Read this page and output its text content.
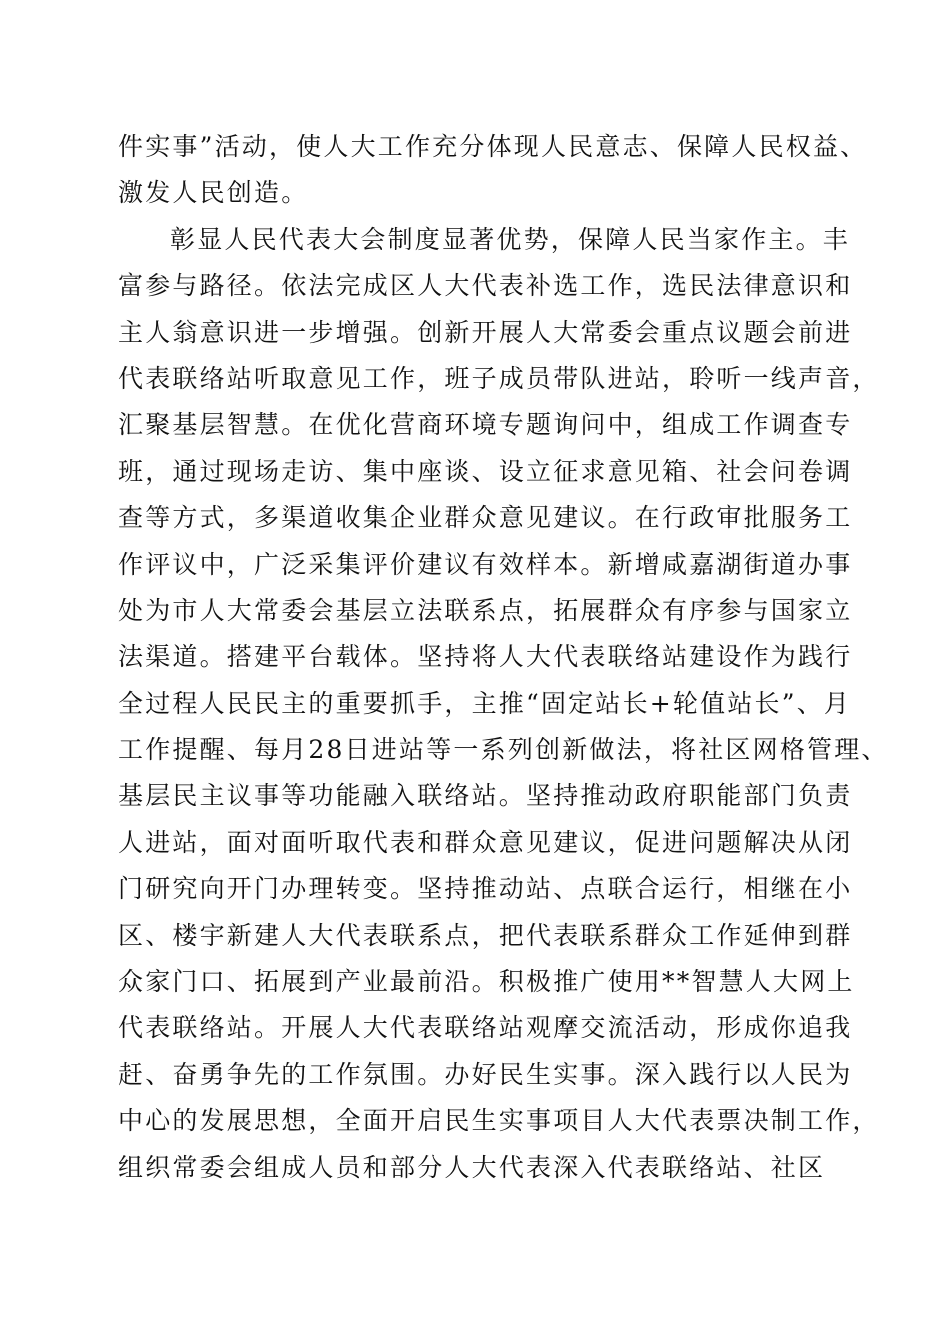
件实事”活动，使人大工作充分体现人民意志、保障人民权益、
激发人民创造。
彰显人民代表大会制度显著优势，保障人民当家作主。丰
富参与路径。依法完成区人大代表补选工作，选民法律意识和
主人翁意识进一步增强。创新开展人大常委会重点议题会前进
代表联络站听取意见工作，班子成员带队进站，聆听一线声音，
汇聚基层智慧。在优化营商环境专题询问中，组成工作调查专
班，通过现场走访、集中座谈、设立征求意见箱、社会问卷调
查等方式，多渠道收集企业群众意见建议。在行政审批服务工
作评议中，广泛采集评价建议有效样本。新增咸嘉湖街道办事
处为市人大常委会基层立法联系点，拓展群众有序参与国家立
法渠道。搭建平台载体。坚持将人大代表联络站建设作为践行
全过程人民民主的重要抓手，主推“固定站长+轮值站长”、月
工作提醒、每月28日进站等一系列创新做法，将社区网格管理、
基层民主议事等功能融入联络站。坚持推动政府职能部门负责
人进站，面对面听取代表和群众意见建议，促进问题解决从闭
门研究向开门办理转变。坚持推动站、点联合运行，相继在小
区、楼宇新建人大代表联系点，把代表联系群众工作延伸到群
众家门口、拓展到产业最前沿。积极推广使用**智慧人大网上
代表联络站。开展人大代表联络站观摩交流活动，形成你追我
赶、奋勇争先的工作氛围。办好民生实事。深入践行以人民为
中心的发展思想，全面开启民生实事项目人大代表票决制工作，
组织常委会组成人员和部分人大代表深入代表联络站、社区
